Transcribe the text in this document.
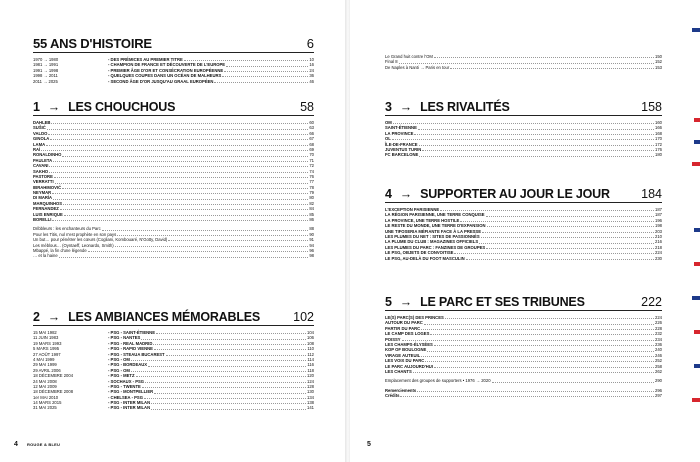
55 ANS D'HISTOIRE	6
1970 → 1980	- DES PRÉMICES AU PREMIER TITRE	10
1981 → 1991	- CHAMPION DE FRANCE ET DÉCOUVERTE DE L'EUROPE	16
1991 → 1998	- PREMIER ÂGE D'OR ET CONSÉCRATION EUROPÉENNE	24
1998 → 2011	- QUELQUES COUPES DANS UN OCÉAN DE MALHEURS	36
2011 → 2025	- SECOND ÂGE D'OR JUSQU'AU GRAAL EUROPÉEN	46
1 → LES CHOUCHOUS	58
DAHLEB	60
SUŠIĆ	63
VALDO	66
GINOLA	67
LAMA	68
RAÍ	69
RONALDINHO	70
PAULETA	71
CAVANI	72
SAKHO	74
PASTORE	76
VERRATTI	77
IBRAHIMOVIĆ	78
NEYMAR	79
DI MARÍA	80
MARQUINHOS	82
FERNANDEZ	84
LUIS ENRIQUE	85
BORELLI	86
Dribbleurs : les enchanteurs du Parc	88
Pour les Titis, nul n'est prophète en son pays	90
Un but… pour pénétrer les cœurs (Cogliani, Kombouaré, N'Gotty, David)	91
Les méblous… (Oyntaeff, Leonardo, Smith)	94
Mbappé, la fin d'une légende	96
… et la haine	98
2 → LES AMBIANCES MÉMORABLES	102
15 MAI 1982	- PSG - SAINT-ÉTIENNE	104
11 JUIN 1983	- PSG - NANTES	106
19 MARS 1993	- PSG - REAL MADRID	108
5 MARS 1995	- PSG - RAPID VIENNE	110
27 AOÛT 1997	- PSG - STEAUA BUCAREST	112
4 MAI 1999	- PSG - OM	114
29 MAI 1999	- PSG - BORDEAUX	116
29 AVRIL 2006	- PSG - OM	118
18 DÉCEMBRE 2004	- PSG - METZ	120
24 MAI 2008	- SOCHAUX - PSG	124
12 MAI 2009	- PSG - TWENTE	128
18 DÉCEMBRE 2008	- PSG - MONTPELLIER	130
1er MAI 2010	- CHELSEA - PSG	134
14 MARS 2015	- PSG - INTER MILAN	138
31 MAI 2025	- PSG - INTER MILAN	141
4 ROUGE & BLEU
Le Grand huit contre l'OM	150
Final 8	152
De Naples à Nanti → Paris en tour	153
3 → LES RIVALITÉS	158
OM	160
SAINT-ÉTIENNE	166
LA PROVINCE	168
OL	170
ÎLE-DE-FRANCE	172
JUVENTUS TURIN	176
FC BARCELONE	180
4 → SUPPORTER AU JOUR LE JOUR	184
L'EXCEPTION PARISIENNE	187
LA RÉGION PARISIENNE, UNE TERRE CONQUISE	187
LA PROVINCE, UNE TERRE HOSTILE	196
LE RESTE DU MONDE, UNE TERRE D'EXPANSION	198
UNE TIFOSERIA MÉFIANTE FACE À LA PRESSE	203
LES PLUMES DU NET : SITES DE PASSIONNÉS	210
LA PLUME DU CLUB : MAGAZINES OFFICIELS	216
LES PLUMES DU PARC : FANZINES DE GROUPES	218
LE PSG, OBJETS DE CONVOITISE	224
LE PSG, AU-DELÀ DU FOOT MASCULIN	230
5 → LE PARC ET SES TRIBUNES	222
LE(S) PARC(S) DES PRINCES	224
AUTOUR DU PARC	226
PARTIR DU PARC	228
LE CAMP DES LOGES	232
POISSY	234
LES CHAMPS-ÉLYSÉES	236
KOP OF BOULOGNE	240
VIRAGE AUTEUIL	246
LES VOIX DU PARC	252
LE PARC AUJOURD'HUI	258
LES CHANTS	262
Emplacement des groupes de supporters • 1976 → 2020	290
Remerciements	296
Crédits	297
5
